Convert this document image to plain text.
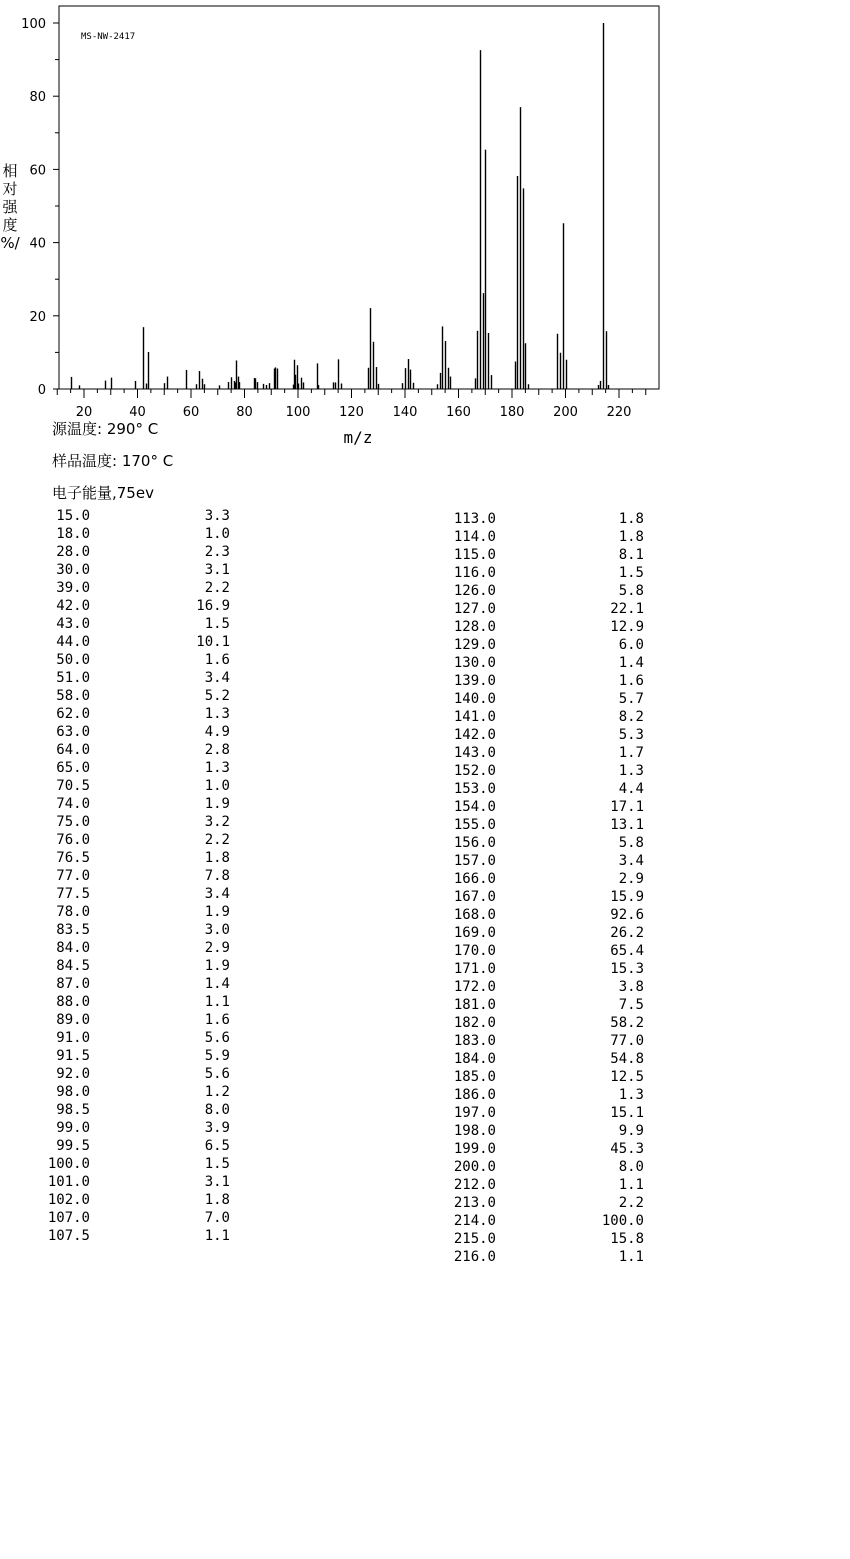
20	40	60	80	100 120 140 160 180 200 220
0
20
40
60
80
100
MS-NW-2417
m/z
相
对
强
度
%/
源温度: 290° C
样品温度: 170° C
电子能量,75ev
15.0	3.3
18.0	1.0
28.0	2.3
30.0	3.1
39.0	2.2
42.0	16.9
43.0	1.5
44.0	10.1
50.0	1.6
51.0	3.4
58.0	5.2
62.0	1.3
63.0	4.9
64.0	2.8
65.0	1.3
70.5	1.0
74.0	1.9
75.0	3.2
76.0	2.2
76.5	1.8
77.0	7.8
77.5	3.4
78.0	1.9
83.5	3.0
84.0	2.9
84.5	1.9
87.0	1.4
88.0	1.1
89.0	1.6
91.0	5.6
91.5	5.9
92.0	5.6
98.0	1.2
98.5	8.0
99.0	3.9
99.5	6.5
100.0	1.5
101.0	3.1
102.0	1.8
107.0	7.0
107.5	1.1
113.0	1.8
114.0	1.8
115.0	8.1
116.0	1.5
126.0	5.8
127.0	22.1
128.0	12.9
129.0	6.0
130.0	1.4
139.0	1.6
140.0	5.7
141.0	8.2
142.0	5.3
143.0	1.7
152.0	1.3
153.0	4.4
154.0	17.1
155.0	13.1
156.0	5.8
157.0	3.4
166.0	2.9
167.0	15.9
168.0	92.6
169.0	26.2
170.0	65.4
171.0	15.3
172.0	3.8
181.0	7.5
182.0	58.2
183.0	77.0
184.0	54.8
185.0	12.5
186.0	1.3
197.0	15.1
198.0	9.9
199.0	45.3
200.0	8.0
212.0	1.1
213.0	2.2
214.0	100.0
215.0	15.8
216.0	1.1
